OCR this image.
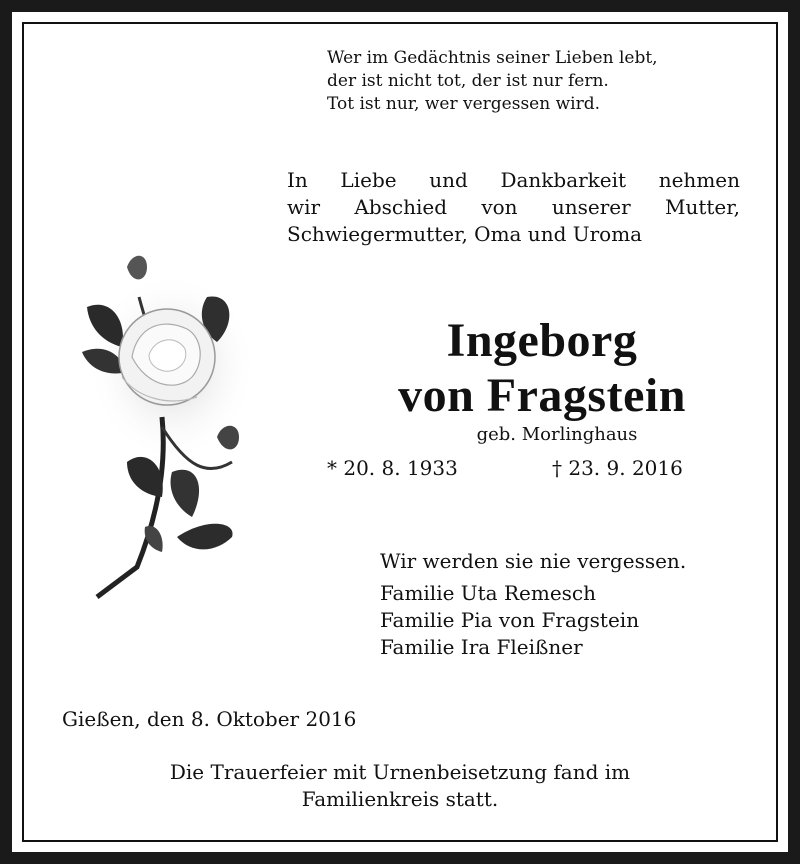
Wer im Gedächtnis seiner Lieben lebt,
der ist nicht tot, der ist nur fern.
Tot ist nur, wer vergessen wird.
In Liebe und Dankbarkeit nehmen
wir Abschied von unserer Mutter,
Schwiegermutter, Oma und Uroma
Ingeborg
von Fragstein
geb. Morlinghaus
* 20. 8. 1933	† 23. 9. 2016
Wir werden sie nie vergessen.
Familie Uta Remesch
Familie Pia von Fragstein
Familie Ira Fleißner
Gießen, den 8. Oktober 2016
Die Trauerfeier mit Urnenbeisetzung fand im
Familienkreis statt.
